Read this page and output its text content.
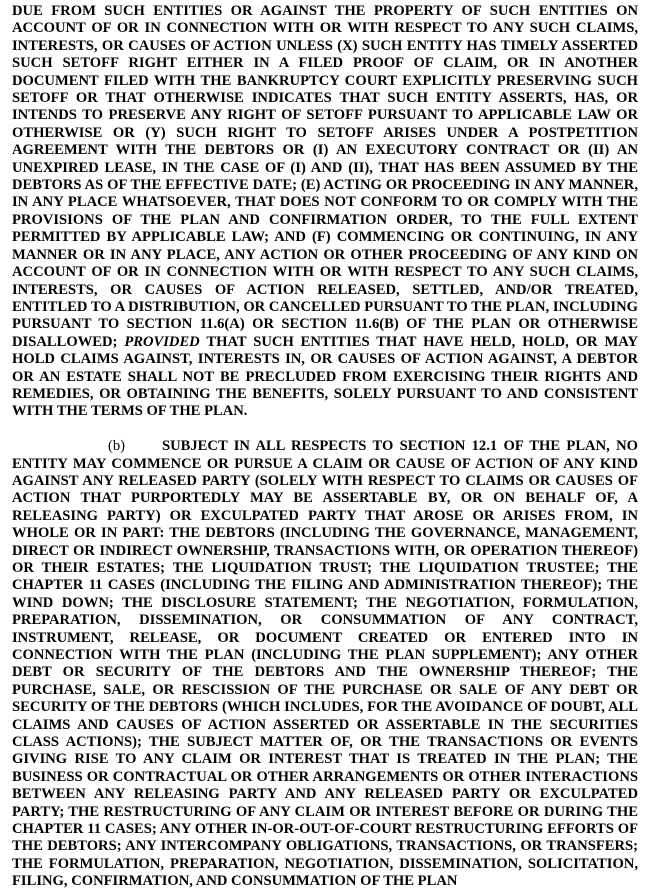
DUE FROM SUCH ENTITIES OR AGAINST THE PROPERTY OF SUCH ENTITIES ON ACCOUNT OF OR IN CONNECTION WITH OR WITH RESPECT TO ANY SUCH CLAIMS, INTERESTS, OR CAUSES OF ACTION UNLESS (X) SUCH ENTITY HAS TIMELY ASSERTED SUCH SETOFF RIGHT EITHER IN A FILED PROOF OF CLAIM, OR IN ANOTHER DOCUMENT FILED WITH THE BANKRUPTCY COURT EXPLICITLY PRESERVING SUCH SETOFF OR THAT OTHERWISE INDICATES THAT SUCH ENTITY ASSERTS, HAS, OR INTENDS TO PRESERVE ANY RIGHT OF SETOFF PURSUANT TO APPLICABLE LAW OR OTHERWISE OR (Y) SUCH RIGHT TO SETOFF ARISES UNDER A POSTPETITION AGREEMENT WITH THE DEBTORS OR (I) AN EXECUTORY CONTRACT OR (II) AN UNEXPIRED LEASE, IN THE CASE OF (I) AND (II), THAT HAS BEEN ASSUMED BY THE DEBTORS AS OF THE EFFECTIVE DATE; (E) ACTING OR PROCEEDING IN ANY MANNER, IN ANY PLACE WHATSOEVER, THAT DOES NOT CONFORM TO OR COMPLY WITH THE PROVISIONS OF THE PLAN AND CONFIRMATION ORDER, TO THE FULL EXTENT PERMITTED BY APPLICABLE LAW; AND (F) COMMENCING OR CONTINUING, IN ANY MANNER OR IN ANY PLACE, ANY ACTION OR OTHER PROCEEDING OF ANY KIND ON ACCOUNT OF OR IN CONNECTION WITH OR WITH RESPECT TO ANY SUCH CLAIMS, INTERESTS, OR CAUSES OF ACTION RELEASED, SETTLED, AND/OR TREATED, ENTITLED TO A DISTRIBUTION, OR CANCELLED PURSUANT TO THE PLAN, INCLUDING PURSUANT TO SECTION 11.6(A) OR SECTION 11.6(B) OF THE PLAN OR OTHERWISE DISALLOWED; PROVIDED THAT SUCH ENTITIES THAT HAVE HELD, HOLD, OR MAY HOLD CLAIMS AGAINST, INTERESTS IN, OR CAUSES OF ACTION AGAINST, A DEBTOR OR AN ESTATE SHALL NOT BE PRECLUDED FROM EXERCISING THEIR RIGHTS AND REMEDIES, OR OBTAINING THE BENEFITS, SOLELY PURSUANT TO AND CONSISTENT WITH THE TERMS OF THE PLAN.

(b)	SUBJECT IN ALL RESPECTS TO SECTION 12.1 OF THE PLAN, NO ENTITY MAY COMMENCE OR PURSUE A CLAIM OR CAUSE OF ACTION OF ANY KIND AGAINST ANY RELEASED PARTY (SOLELY WITH RESPECT TO CLAIMS OR CAUSES OF ACTION THAT PURPORTEDLY MAY BE ASSERTABLE BY, OR ON BEHALF OF, A RELEASING PARTY) OR EXCULPATED PARTY THAT AROSE OR ARISES FROM, IN WHOLE OR IN PART: THE DEBTORS (INCLUDING THE GOVERNANCE, MANAGEMENT, DIRECT OR INDIRECT OWNERSHIP, TRANSACTIONS WITH, OR OPERATION THEREOF) OR THEIR ESTATES; THE LIQUIDATION TRUST; THE LIQUIDATION TRUSTEE; THE CHAPTER 11 CASES (INCLUDING THE FILING AND ADMINISTRATION THEREOF); THE WIND DOWN; THE DISCLOSURE STATEMENT; THE NEGOTIATION, FORMULATION, PREPARATION, DISSEMINATION, OR CONSUMMATION OF ANY CONTRACT, INSTRUMENT, RELEASE, OR DOCUMENT CREATED OR ENTERED INTO IN CONNECTION WITH THE PLAN (INCLUDING THE PLAN SUPPLEMENT); ANY OTHER DEBT OR SECURITY OF THE DEBTORS AND THE OWNERSHIP THEREOF; THE PURCHASE, SALE, OR RESCISSION OF THE PURCHASE OR SALE OF ANY DEBT OR SECURITY OF THE DEBTORS (WHICH INCLUDES, FOR THE AVOIDANCE OF DOUBT, ALL CLAIMS AND CAUSES OF ACTION ASSERTED OR ASSERTABLE IN THE SECURITIES CLASS ACTIONS); THE SUBJECT MATTER OF, OR THE TRANSACTIONS OR EVENTS GIVING RISE TO ANY CLAIM OR INTEREST THAT IS TREATED IN THE PLAN; THE BUSINESS OR CONTRACTUAL OR OTHER ARRANGEMENTS OR OTHER INTERACTIONS BETWEEN ANY RELEASING PARTY AND ANY RELEASED PARTY OR EXCULPATED PARTY; THE RESTRUCTURING OF ANY CLAIM OR INTEREST BEFORE OR DURING THE CHAPTER 11 CASES; ANY OTHER IN-OR-OUT-OF-COURT RESTRUCTURING EFFORTS OF THE DEBTORS; ANY INTERCOMPANY OBLIGATIONS, TRANSACTIONS, OR TRANSFERS; THE FORMULATION, PREPARATION, NEGOTIATION, DISSEMINATION, SOLICITATION, FILING, CONFIRMATION, AND CONSUMMATION OF THE PLAN
